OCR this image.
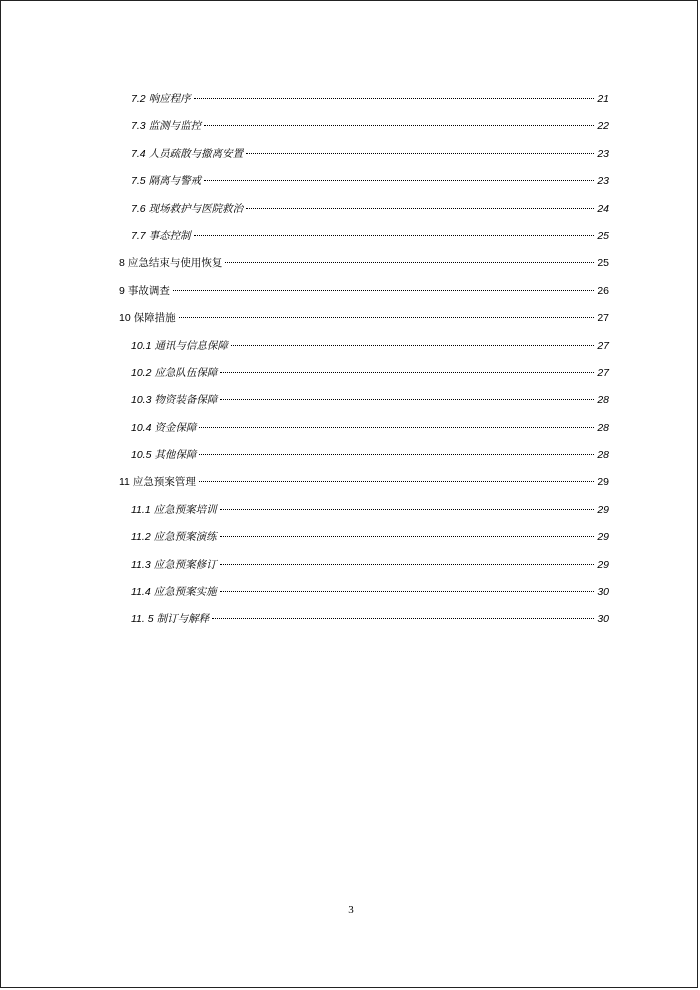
7.2 响应程序	21
7.3 监测与监控	22
7.4 人员疏散与撤离安置	23
7.5 隔离与警戒	23
7.6 现场救护与医院救治	24
7.7 事态控制	25
8 应急结束与使用恢复	25
9 事故调查	26
10 保障措施	27
10.1 通讯与信息保障	27
10.2 应急队伍保障	27
10.3 物资装备保障	28
10.4 资金保障	28
10.5 其他保障	28
11 应急预案管理	29
11.1 应急预案培训	29
11.2 应急预案演练	29
11.3 应急预案修订	29
11.4 应急预案实施	30
11. 5 制订与解释	30
3
